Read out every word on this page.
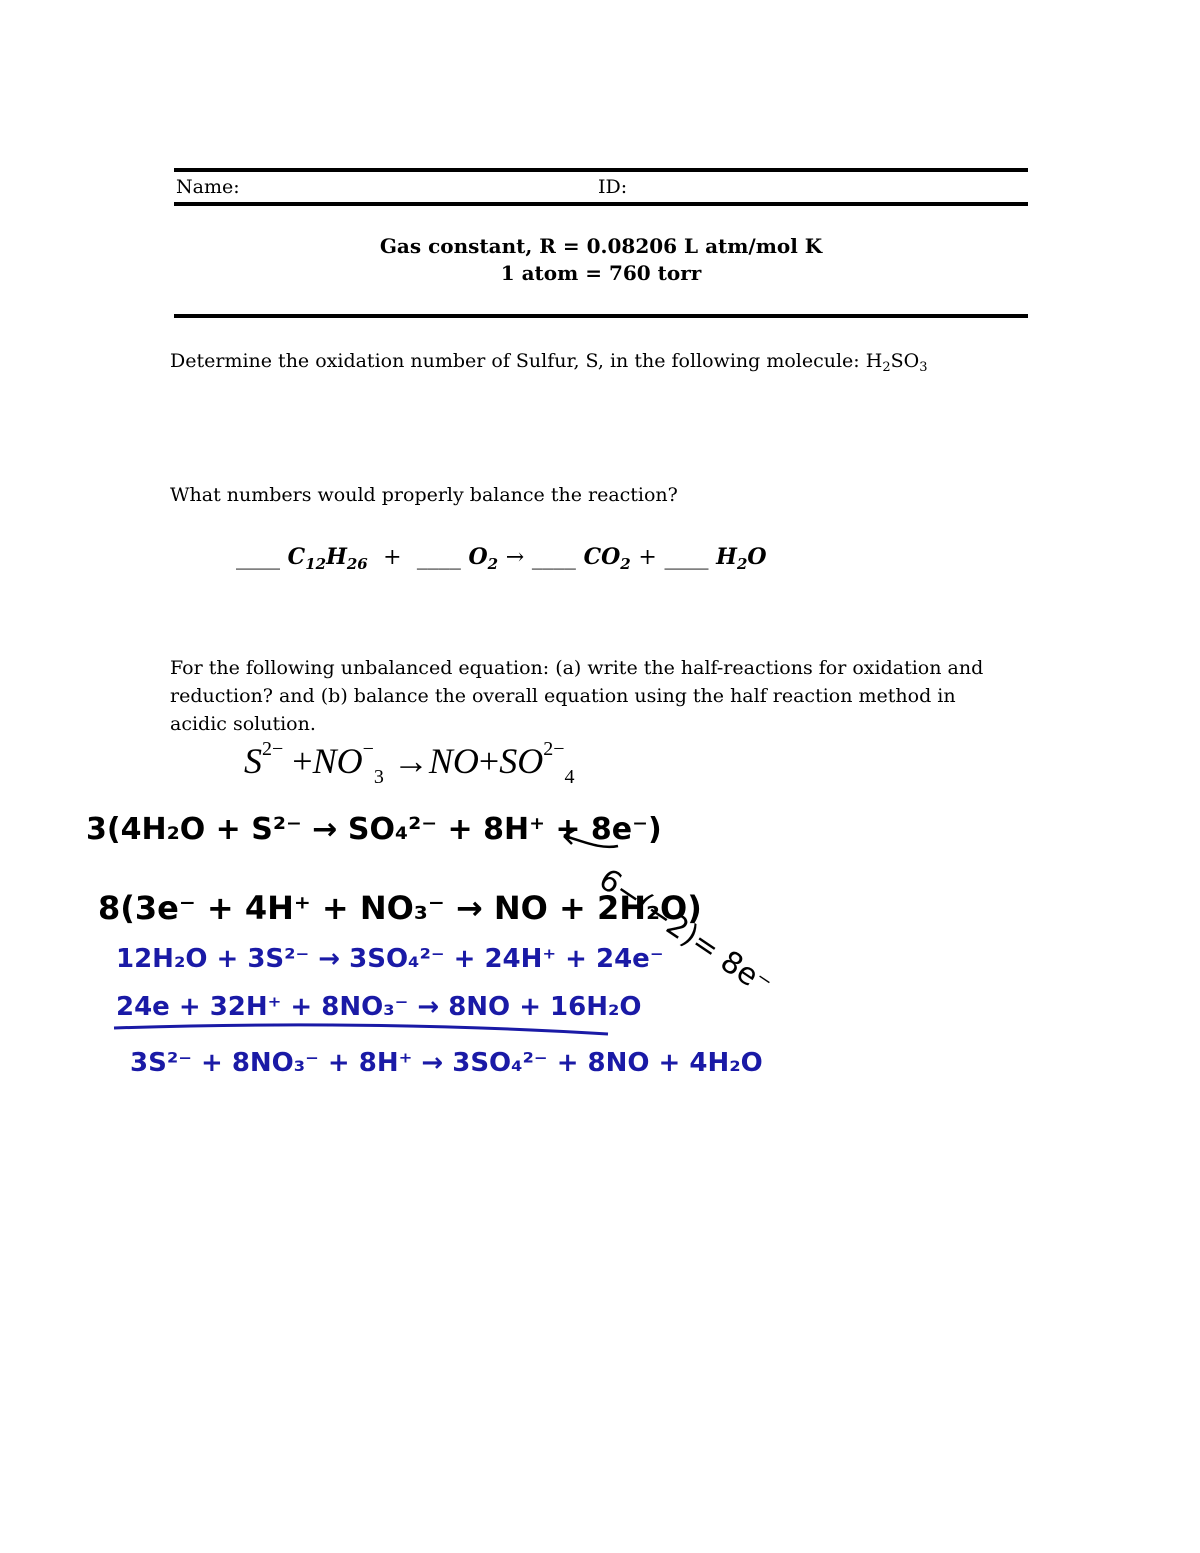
Name:	ID:
Gas constant, R = 0.08206 L atm/mol K
1 atom = 760 torr
Determine the oxidation number of Sulfur, S, in the following molecule: $H_2SO_3$
What numbers would properly balance the reaction?
____ $C_{12}H_{26}$ + ____ $O_2$ → ____ $CO_2$ + ____ $H_2O$
For the following unbalanced equation: (a) write the half-reactions for oxidation and reduction? and (b) balance the overall equation using the half reaction method in acidic solution.
$S^{2-} +NO^-_3 \to NO+SO^{2-}_4$
3(4H₂O + S²⁻ → SO₄²⁻ + 8H⁺ + 8e⁻)
6−(−2)= 8e⁻
8(3e⁻ + 4H⁺ + NO₃⁻ → NO + 2H₂O)
12H₂O + 3S²⁻ → 3SO₄²⁻ + 24H⁺ + 24e⁻
24e + 32H⁺ + 8NO₃⁻ → 8NO + 16H₂O
3S²⁻ + 8NO₃⁻ + 8H⁺ → 3SO₄²⁻ + 8NO + 4H₂O
